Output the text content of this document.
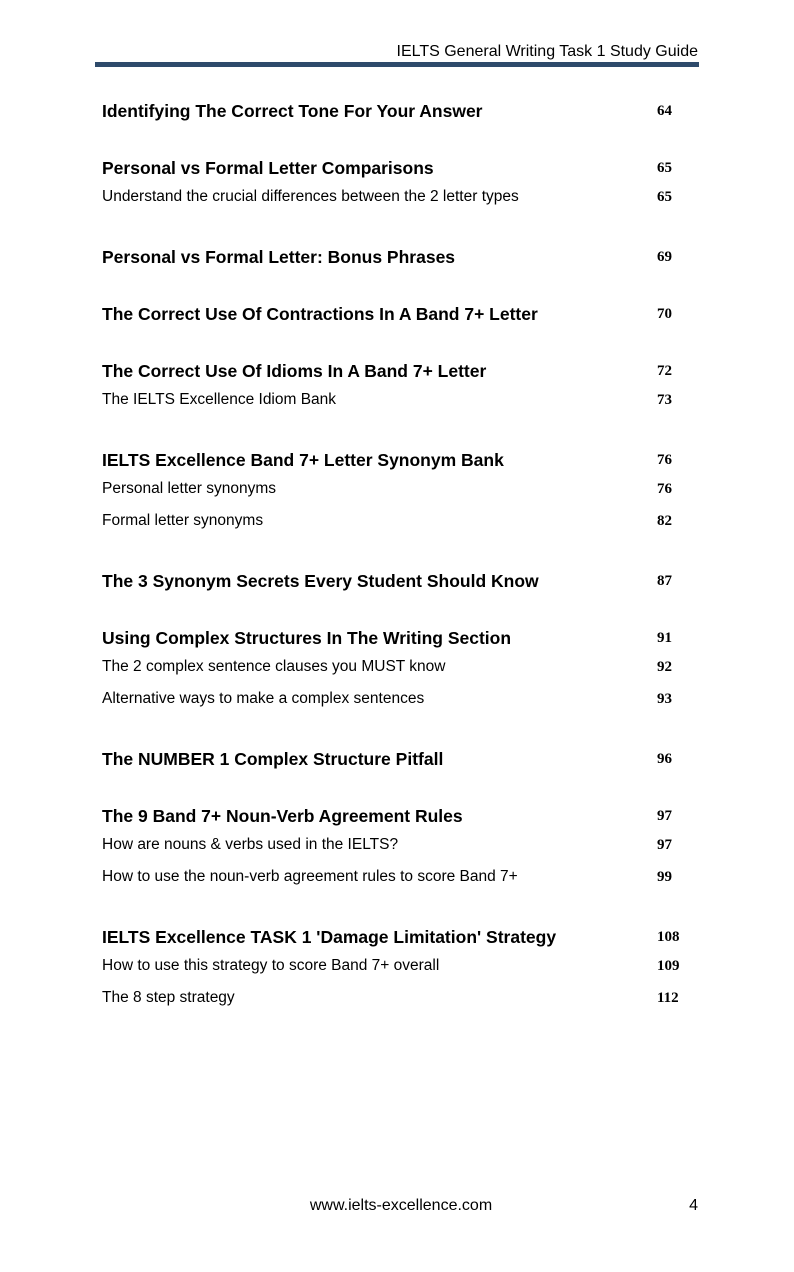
IELTS General Writing Task 1 Study Guide
Identifying The Correct Tone For Your Answer	64
Personal vs Formal Letter Comparisons	65
Understand the crucial differences between the 2 letter types	65
Personal vs Formal Letter: Bonus Phrases	69
The Correct Use Of Contractions In A Band 7+ Letter	70
The Correct Use Of Idioms In A Band 7+ Letter	72
The IELTS Excellence Idiom Bank	73
IELTS Excellence Band 7+ Letter Synonym Bank	76
Personal letter synonyms	76
Formal letter synonyms	82
The 3 Synonym Secrets Every Student Should Know	87
Using Complex Structures In The Writing Section	91
The 2 complex sentence clauses you MUST know	92
Alternative ways to make a complex sentences	93
The NUMBER 1 Complex Structure Pitfall	96
The 9 Band 7+ Noun-Verb Agreement Rules	97
How are nouns & verbs used in the IELTS?	97
How to use the noun-verb agreement rules to score Band 7+	99
IELTS Excellence TASK 1 'Damage Limitation' Strategy	108
How to use this strategy to score Band 7+ overall	109
The 8 step strategy	112
www.ielts-excellence.com	4
